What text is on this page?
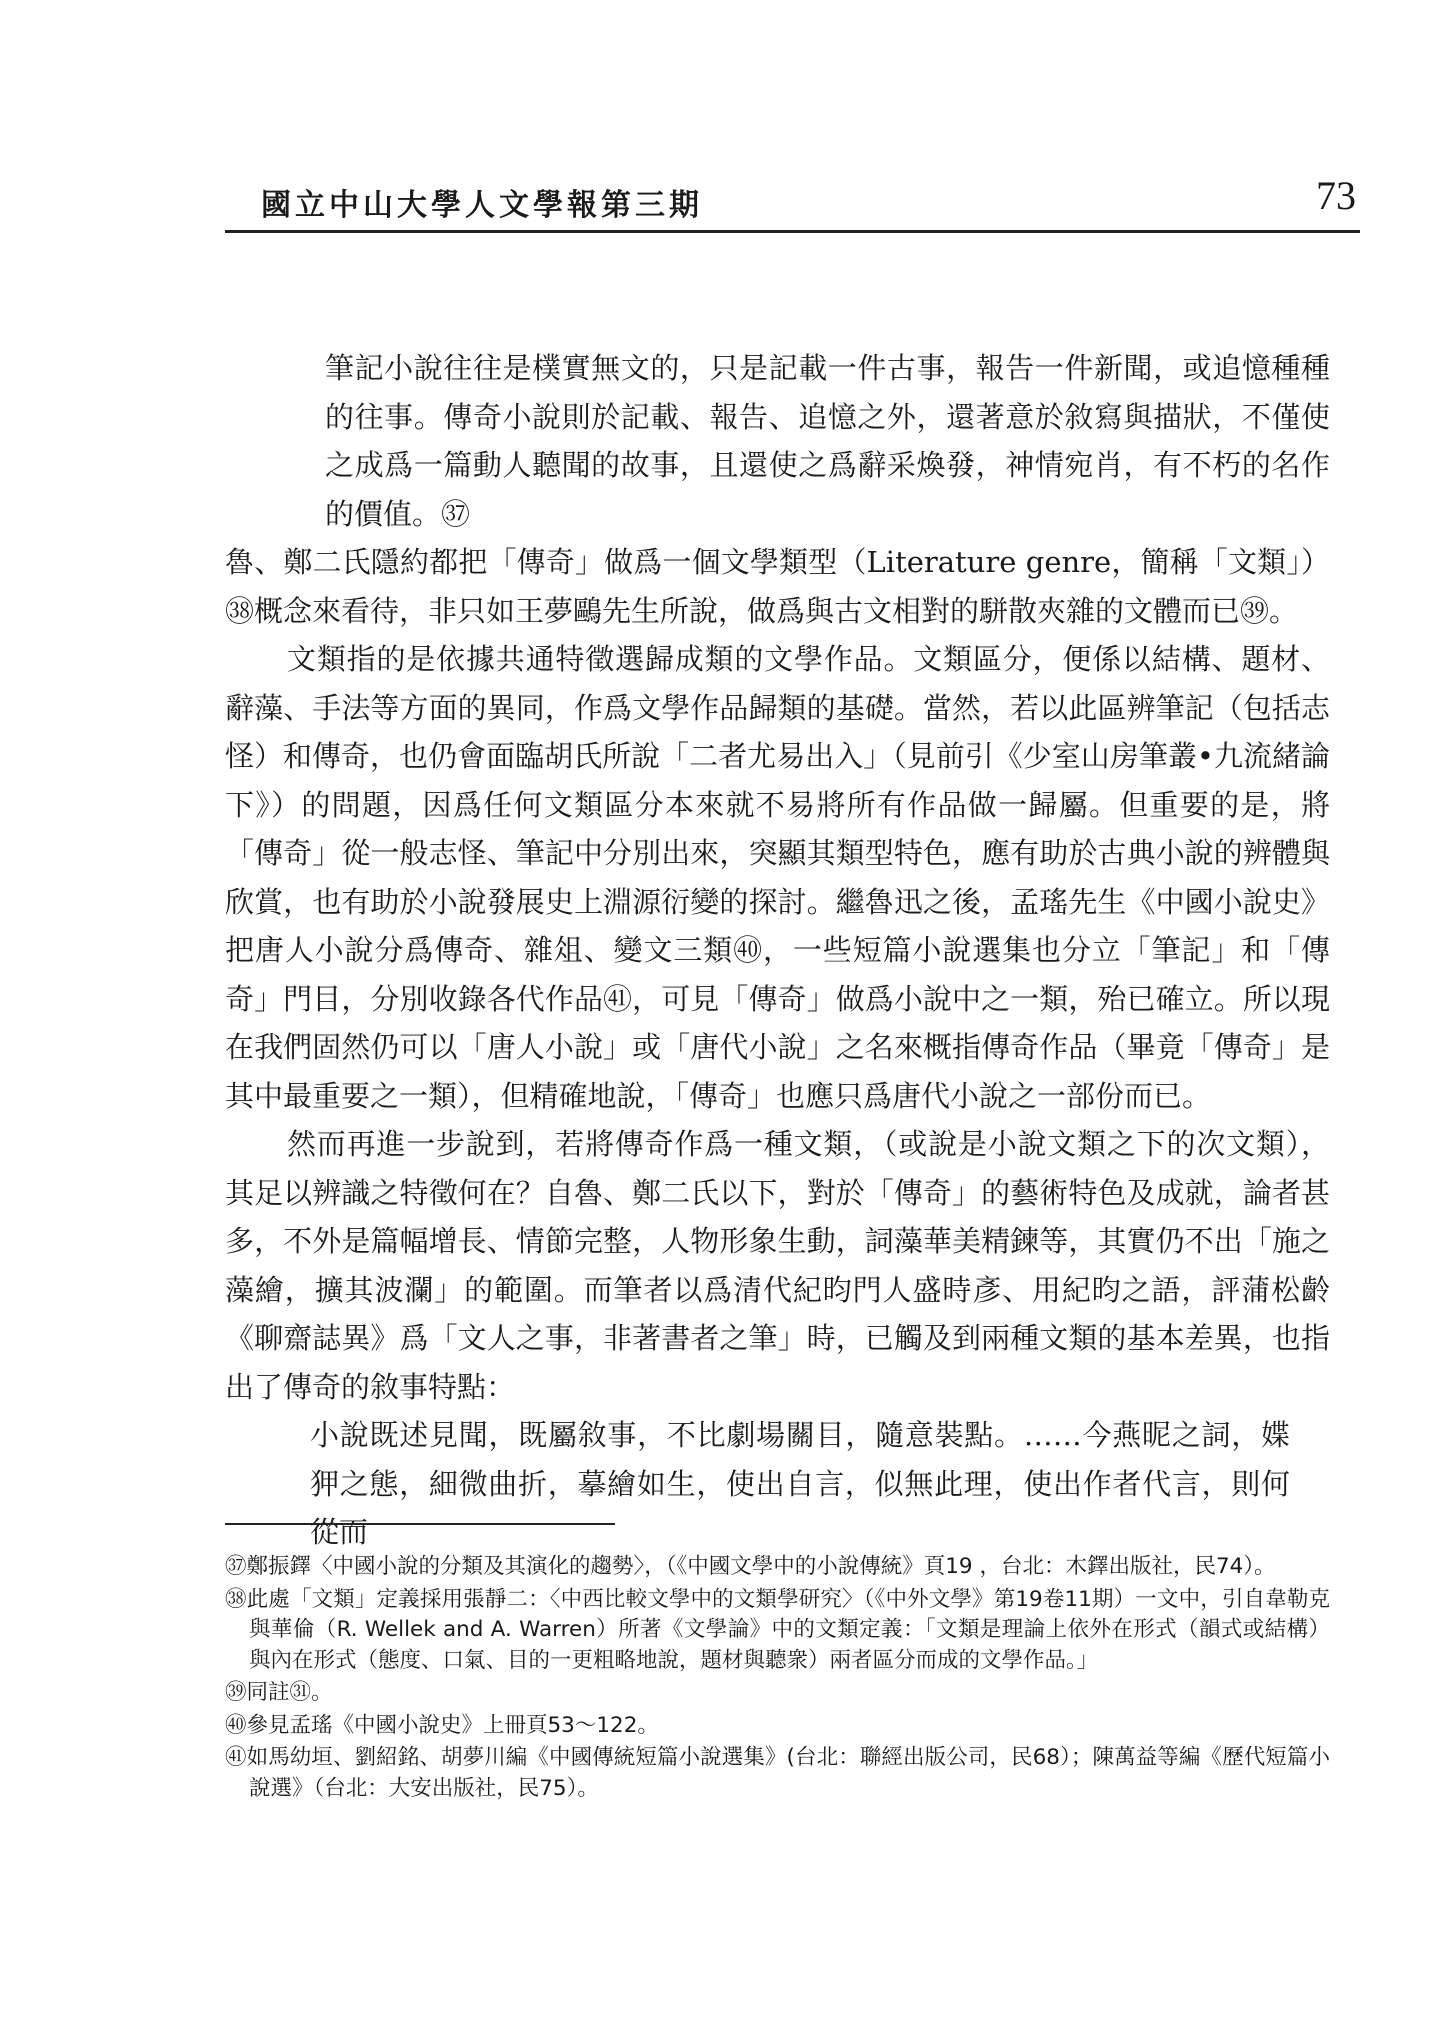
國立中山大學人文學報第三期	73

筆記小說往往是樸實無文的，只是記載一件古事，報告一件新聞，或追憶種種的往事。傳奇小說則於記載、報告、追憶之外，還著意於敘寫與描狀，不僅使之成爲一篇動人聽聞的故事，且還使之爲辭采煥發，神情宛肖，有不朽的名作的價值。㊲

魯、鄭二氏隱約都把「傳奇」做爲一個文學類型（Literature genre，簡稱「文類」）㊳概念來看待，非只如王夢鷗先生所說，做爲與古文相對的駢散夾雜的文體而已㊴。

文類指的是依據共通特徵選歸成類的文學作品。文類區分，便係以結構、題材、辭藻、手法等方面的異同，作爲文學作品歸類的基礎。當然，若以此區辨筆記（包括志怪）和傳奇，也仍會面臨胡氏所說「二者尤易出入」（見前引《少室山房筆叢•九流緒論下》）的問題，因爲任何文類區分本來就不易將所有作品做一歸屬。但重要的是，將「傳奇」從一般志怪、筆記中分別出來，突顯其類型特色，應有助於古典小說的辨體與欣賞，也有助於小說發展史上淵源衍變的探討。繼魯迅之後，孟瑤先生《中國小說史》把唐人小說分爲傳奇、雜俎、變文三類㊵，一些短篇小說選集也分立「筆記」和「傳奇」門目，分別收錄各代作品㊶，可見「傳奇」做爲小說中之一類，殆已確立。所以現在我們固然仍可以「唐人小說」或「唐代小說」之名來概指傳奇作品（畢竟「傳奇」是其中最重要之一類），但精確地說，「傳奇」也應只爲唐代小說之一部份而已。

然而再進一步說到，若將傳奇作爲一種文類，（或說是小說文類之下的次文類），其足以辨識之特徵何在？自魯、鄭二氏以下，對於「傳奇」的藝術特色及成就，論者甚多，不外是篇幅增長、情節完整，人物形象生動，詞藻華美精鍊等，其實仍不出「施之藻繪，擴其波瀾」的範圍。而筆者以爲清代紀昀門人盛時彥、用紀昀之語，評蒲松齡《聊齋誌異》爲「文人之事，非著書者之筆」時，已觸及到兩種文類的基本差異，也指出了傳奇的敘事特點：

小說既述見聞，既屬敘事，不比劇場關目，隨意裝點。……今燕昵之詞，媟狎之態，細微曲折，摹繪如生，使出自言，似無此理，使出作者代言，則何從而

㊲鄭振鐸〈中國小說的分類及其演化的趨勢〉，（《中國文學中的小說傳統》頁19 ，台北：木鐸出版社，民74）。

㊳此處「文類」定義採用張靜二：〈中西比較文學中的文類學研究〉（《中外文學》第19卷11期）一文中，引自韋勒克與華倫（R. Wellek and A. Warren）所著《文學論》中的文類定義：「文類是理論上依外在形式（韻式或結構）與內在形式（態度、口氣、目的一更粗略地說，題材與聽衆）兩者區分而成的文學作品。」

㊴同註㉛。

㊵參見孟瑤《中國小說史》上冊頁53～122。

㊶如馬幼垣、劉紹銘、胡夢川編《中國傳統短篇小說選集》(台北：聯經出版公司，民68）；陳萬益等編《歷代短篇小說選》（台北：大安出版社，民75）。
